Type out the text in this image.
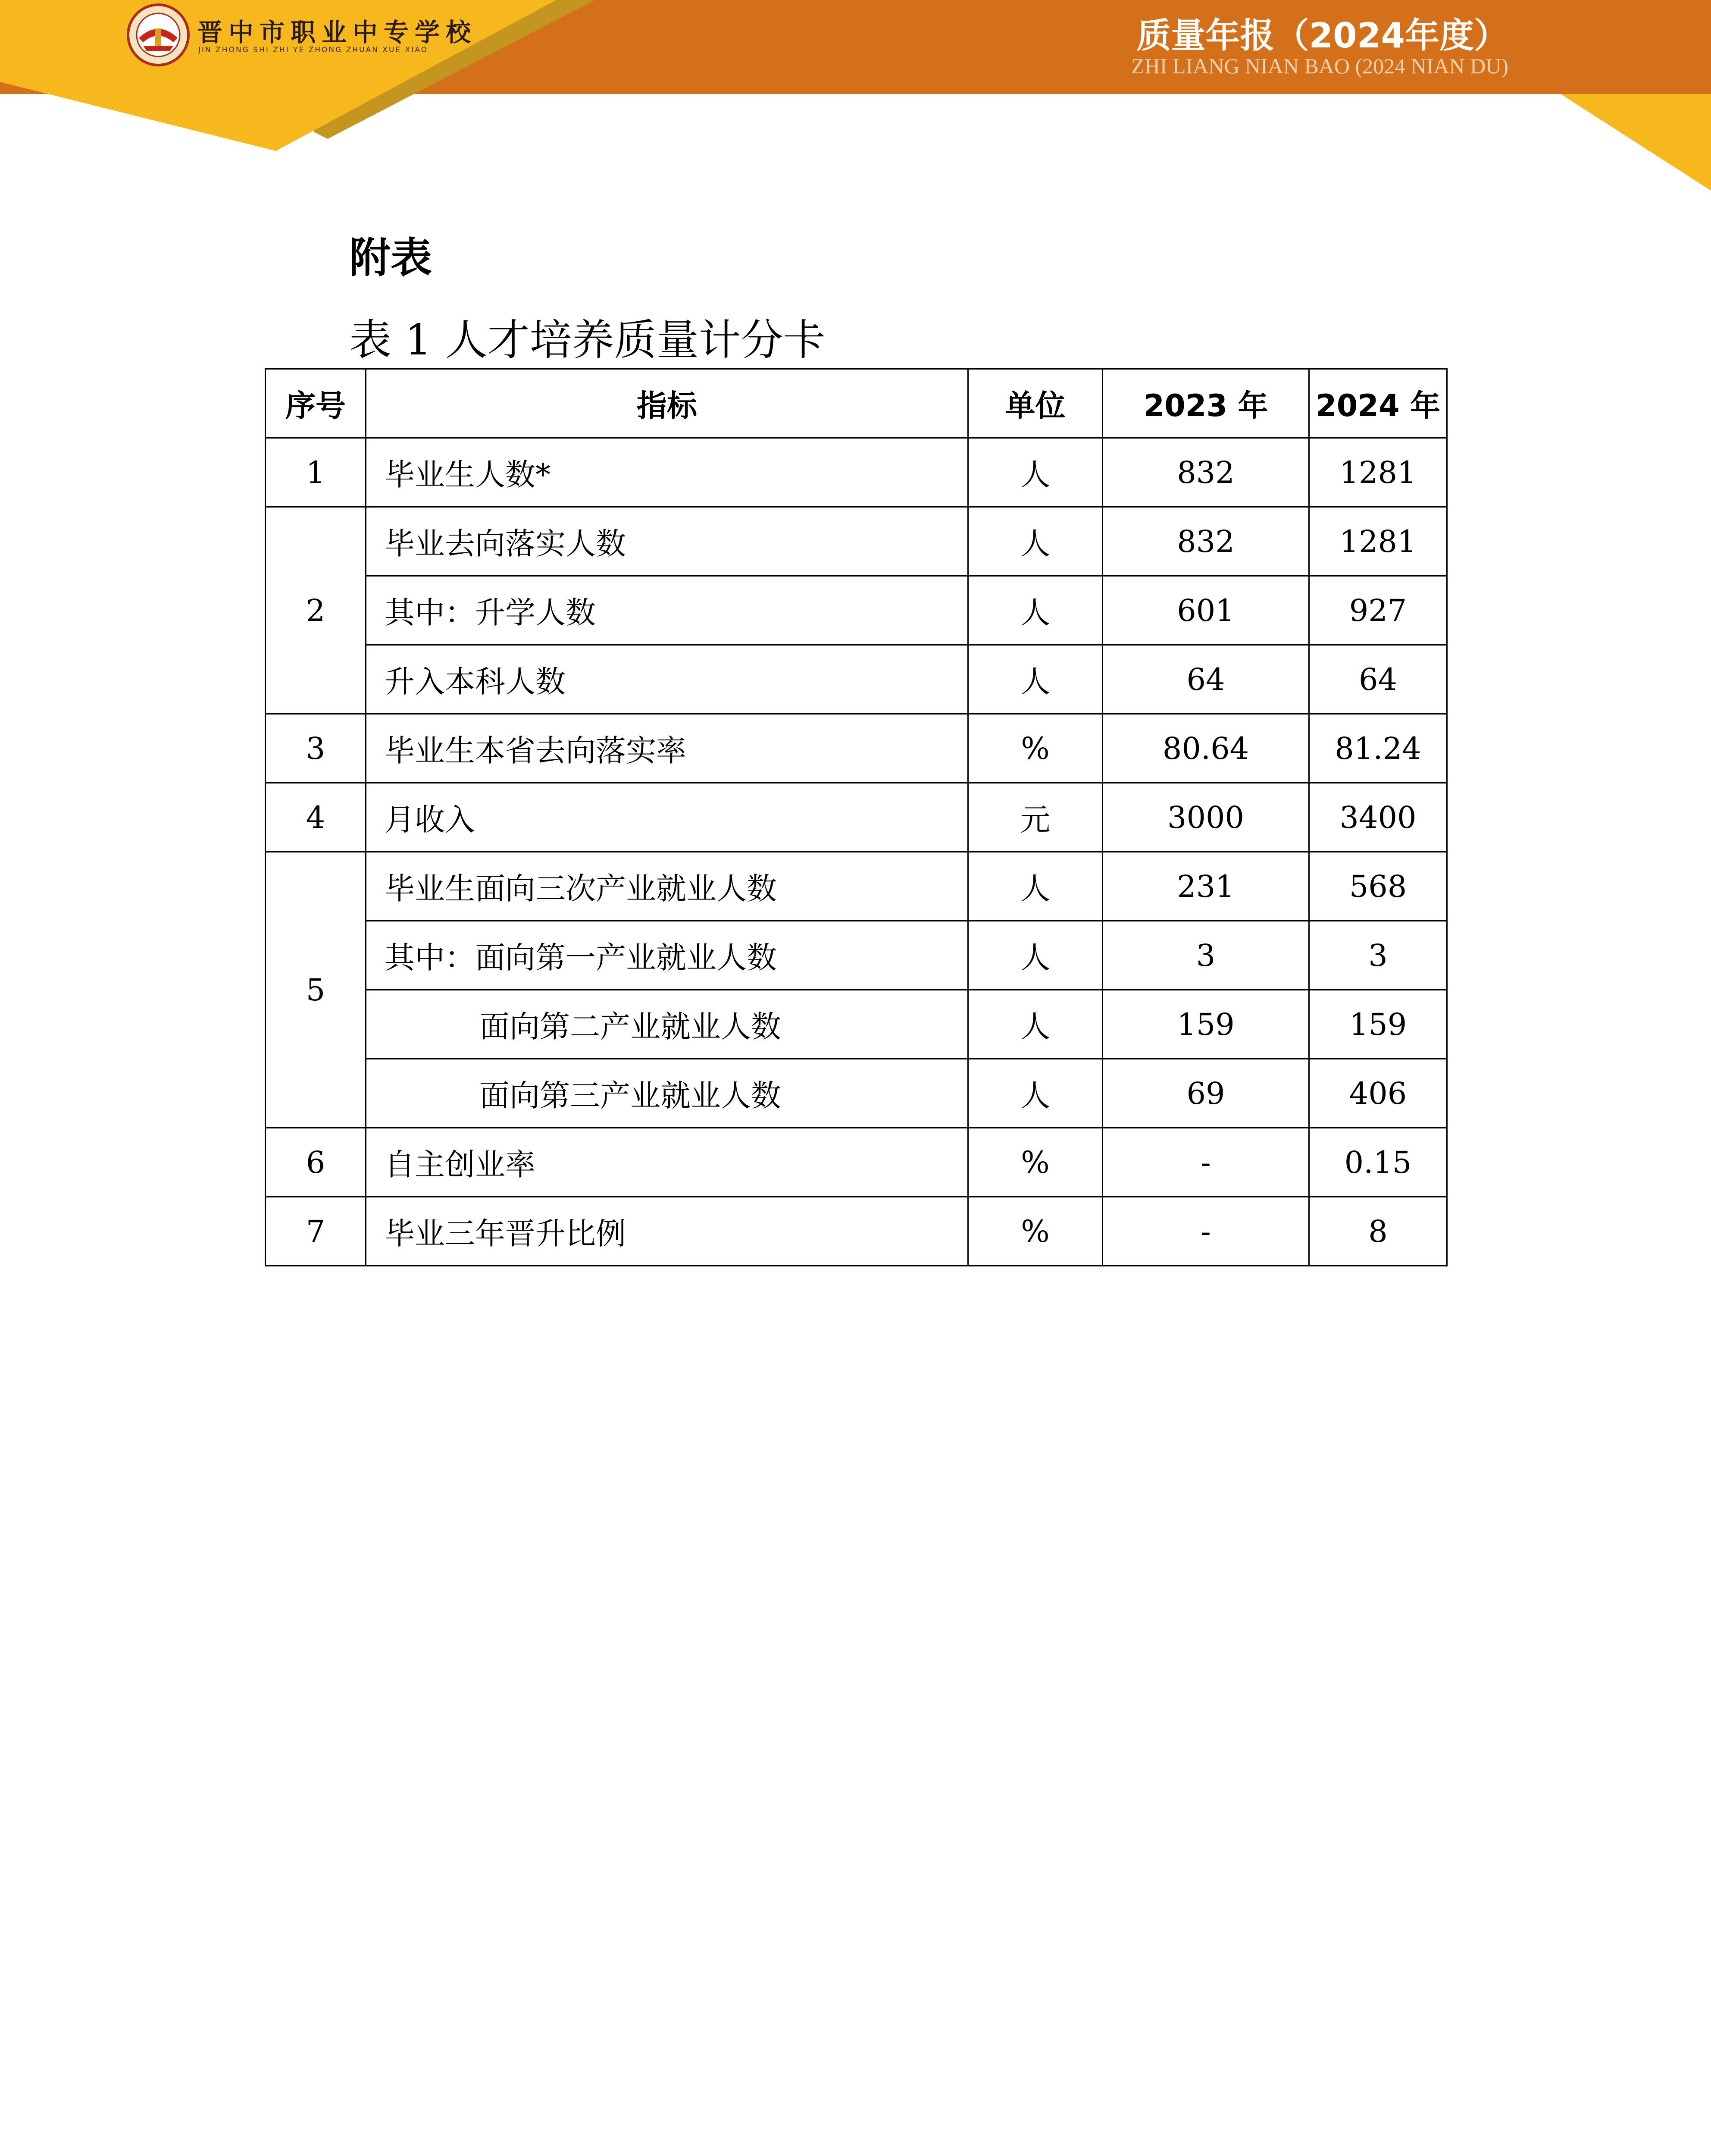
晋中市职业中专学校
JIN ZHONG SHI ZHI YE ZHONG ZHUAN XUE XIAO	质量年报（2024年度）
ZHI LIANG NIAN BAO (2024 NIAN DU)
附表
表 1 人才培养质量计分卡
序号	指标	单位	2023 年	2024 年
1	毕业生人数*	人	832	1281
2	毕业去向落实人数	人	832	1281
	其中：升学人数	人	601	927
	升入本科人数	人	64	64
3	毕业生本省去向落实率	%	80.64	81.24
4	月收入	元	3000	3400
5	毕业生面向三次产业就业人数	人	231	568
	其中：面向第一产业就业人数	人	3	3
	面向第二产业就业人数	人	159	159
	面向第三产业就业人数	人	69	406
6	自主创业率	%	-	0.15
7	毕业三年晋升比例	%	-	8
